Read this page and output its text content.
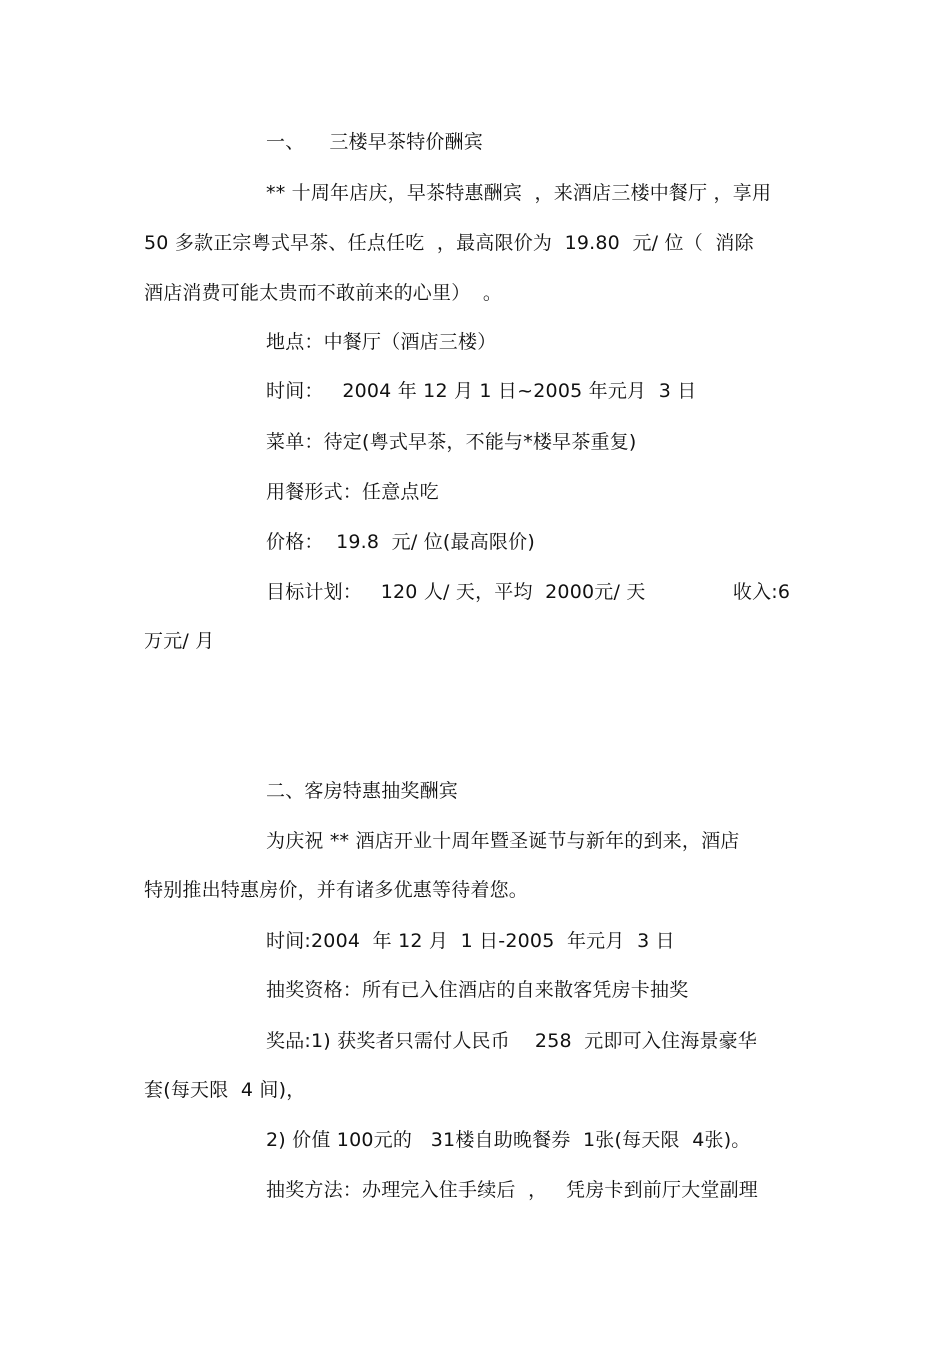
一、    三楼早茶特价酬宾
** 十周年店庆，早茶特惠酬宾  ，来酒店三楼中餐厅 ，享用
50 多款正宗粤式早茶、任点任吃  ，最高限价为  19.80  元/ 位（  消除
酒店消费可能太贵而不敢前来的心里）  。
地点：中餐厅（酒店三楼）
时间：   2004 年 12 月 1 日~2005 年元月  3 日
菜单：待定(粤式早茶，不能与*楼早茶重复)
用餐形式：任意点吃
价格：  19.8  元/ 位(最高限价)
目标计划：   120 人/ 天，平均  2000元/ 天              收入:6
万元/ 月
二、客房特惠抽奖酬宾
为庆祝 ** 酒店开业十周年暨圣诞节与新年的到来，酒店
特别推出特惠房价，并有诸多优惠等待着您。
时间:2004  年 12 月  1 日-2005  年元月  3 日
抽奖资格：所有已入住酒店的自来散客凭房卡抽奖
奖品:1) 获奖者只需付人民币    258  元即可入住海景豪华
套(每天限  4 间)，
2) 价值 100元的   31楼自助晚餐券  1张(每天限  4张)。
抽奖方法：办理完入住手续后  ，   凭房卡到前厅大堂副理
